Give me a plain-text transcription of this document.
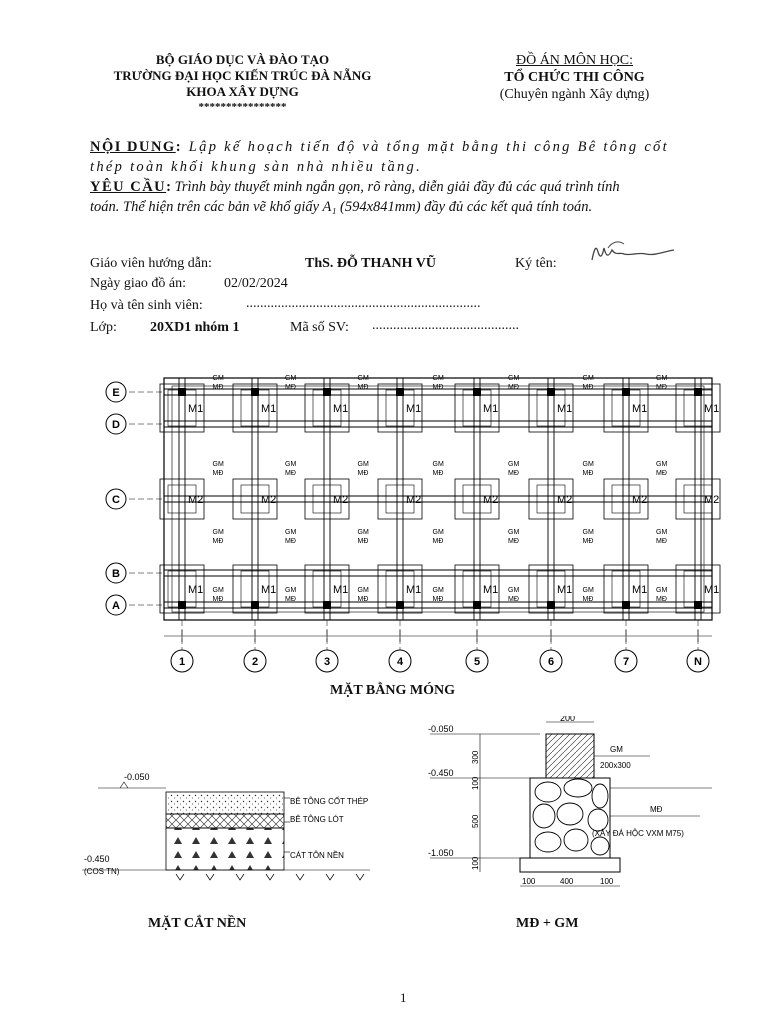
BỘ GIÁO DỤC VÀ ĐÀO TẠO
TRƯỜNG ĐẠI HỌC KIẾN TRÚC ĐÀ NẴNG
KHOA XÂY DỰNG
****************
ĐỒ ÁN MÔN HỌC:
TỔ CHỨC THI CÔNG
(Chuyên ngành Xây dựng)
NỘI DUNG: Lập kế hoạch tiến độ và tổng mặt bằng thi công Bê tông cốt
thép toàn khối khung sàn nhà nhiều tầng.
YÊU CẦU: Trình bày thuyết minh ngắn gọn, rõ ràng, diễn giải đầy đủ các quá trình tính
toán. Thể hiện trên các bản vẽ khổ giấy A₁ (594x841mm) đầy đủ các kết quả tính toán.
Giáo viên hướng dẫn:	ThS. ĐỖ THANH VŨ	Ký tên:
Ngày giao đồ án:	02/02/2024
Họ và tên sinh viên:	...................................................................
Lớp: 20XD1 nhóm 1	Mã số SV: ..........................................
M1
M2
M1
M1
M2
M1
M1
M2
M1
M1
M2
M1
M1
M2
M1
M1
M2
M1
M1
M2
M1
M1
M2
M1
GM
MĐ
GM
MĐ
GM
MĐ
GM
MĐ
GM
MĐ
GM
MĐ
GM
MĐ
GM
MĐ
GM
MĐ
GM
MĐ
GM
MĐ
GM
MĐ
GM
MĐ
GM
MĐ
GM
MĐ
GM
MĐ
GM
MĐ
GM
MĐ
GM
MĐ
GM
MĐ
GM
MĐ
GM
MĐ
GM
MĐ
GM
MĐ
GM
MĐ
GM
MĐ
GM
MĐ
GM
MĐ
E
D
C
B
A
1	2	3	4	5	6	7	N
MẶT BẰNG MÓNG
-0.050
BÊ TÔNG CỐT THÉP
BÊ TÔNG LÓT
CÁT TÔN NỀN
-0.450
(COS TN)
MẶT CẮT NỀN
200
-0.050
-0.450
-1.050
300
100
500
100
GM
200x300
MĐ
(XÂY ĐÁ HỘC VXM M75)
100	400	100
MĐ + GM
1
